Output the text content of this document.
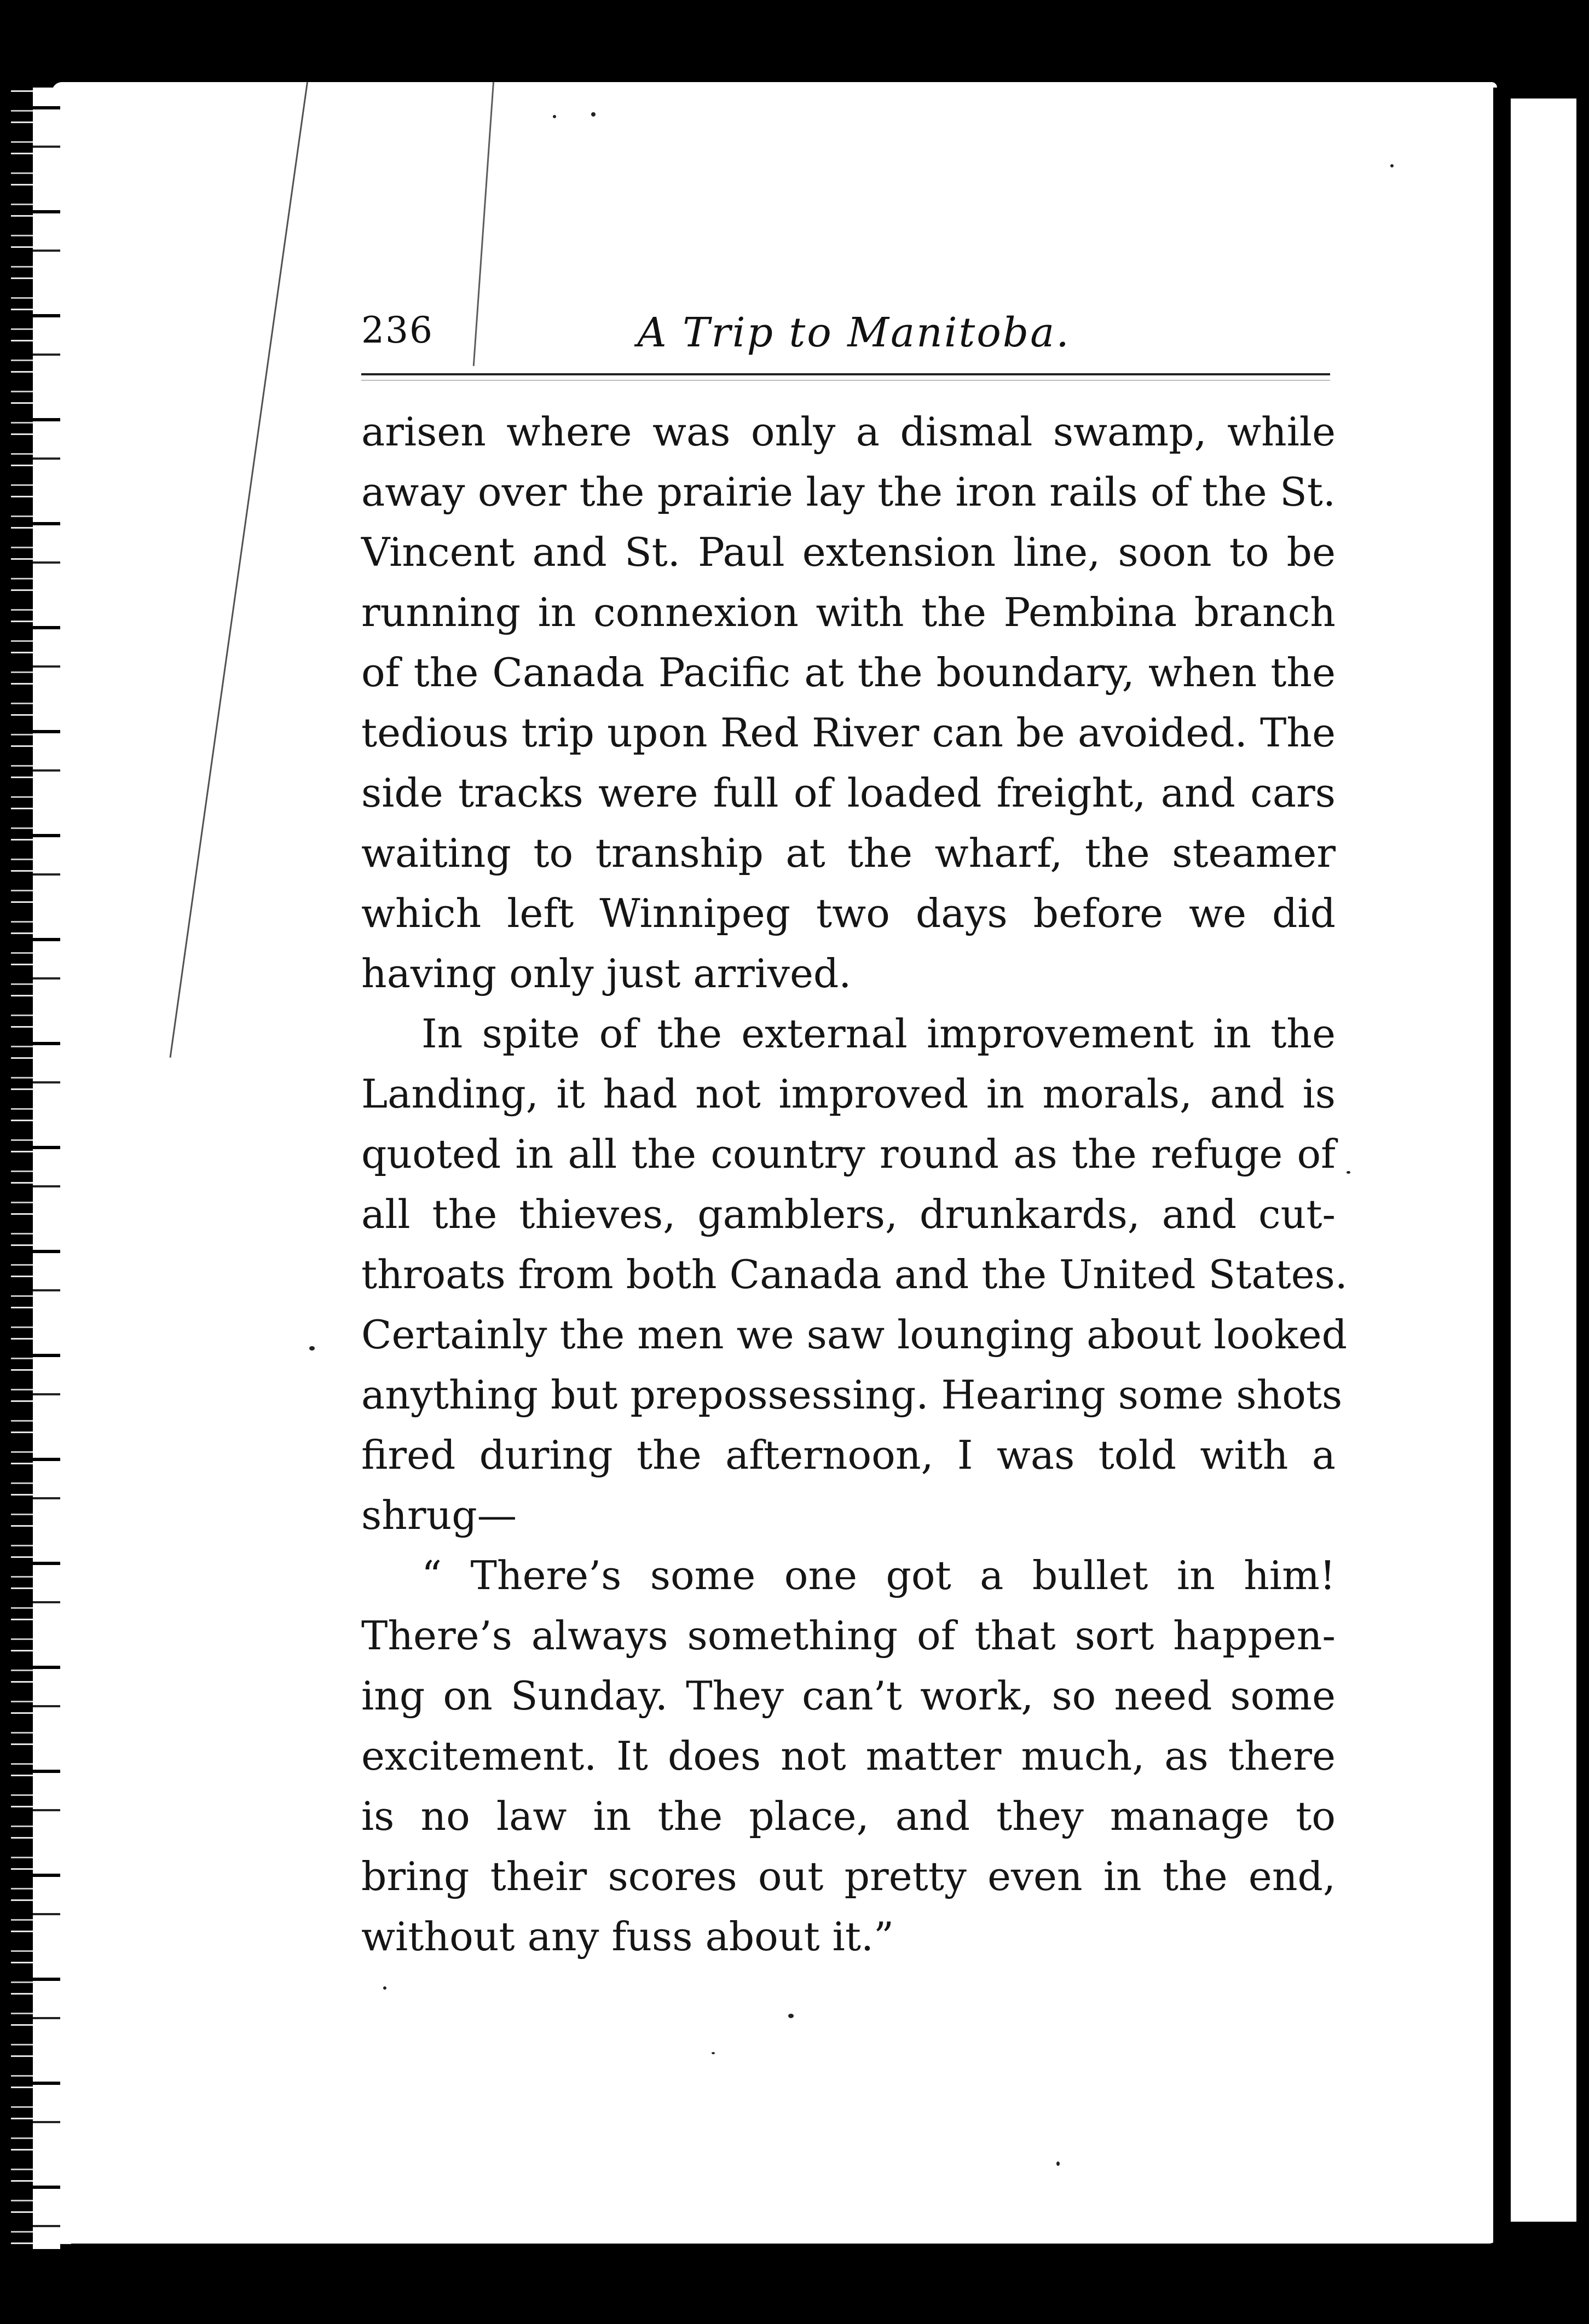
236	A Trip to Manitoba.
arisen where was only a dismal swamp, while
away over the prairie lay the iron rails of the St.
Vincent and St. Paul extension line, soon to be
running in connexion with the Pembina branch
of the Canada Pacific at the boundary, when the
tedious trip upon Red River can be avoided. The
side tracks were full of loaded freight, and cars
waiting to tranship at the wharf, the steamer
which left Winnipeg two days before we did
having only just arrived.
In spite of the external improvement in the
Landing, it had not improved in morals, and is
quoted in all the country round as the refuge of
all the thieves, gamblers, drunkards, and cut-
throats from both Canada and the United States.
Certainly the men we saw lounging about looked
anything but prepossessing. Hearing some shots
fired during the afternoon, I was told with a
shrug—
“ There’s some one got a bullet in him!
There’s always something of that sort happen-
ing on Sunday. They can’t work, so need some
excitement. It does not matter much, as there
is no law in the place, and they manage to
bring their scores out pretty even in the end,
without any fuss about it.”
